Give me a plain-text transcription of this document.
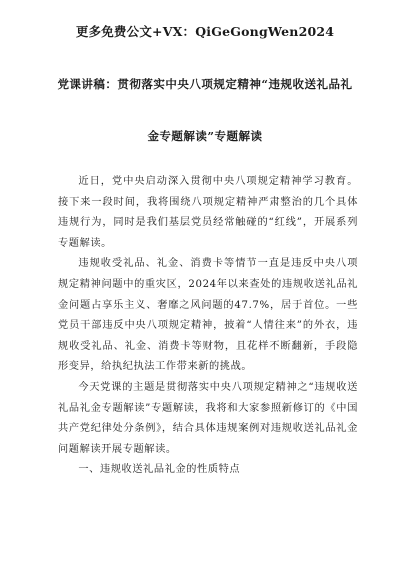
更多免费公文+VX：QiGeGongWen2024
党课讲稿：贯彻落实中央八项规定精神“违规收送礼品礼
金专题解读”专题解读

近日，党中央启动深入贯彻中央八项规定精神学习教育。接下来一段时间，我将围绕八项规定精神严肃整治的几个具体违规行为，同时是我们基层党员经常触碰的“红线”，开展系列专题解读。

违规收受礼品、礼金、消费卡等情节一直是违反中央八项规定精神问题中的重灾区，2024年以来查处的违规收送礼品礼金问题占享乐主义、奢靡之风问题的47.7%，居于首位。一些党员干部违反中央八项规定精神，披着“人情往来”的外衣，违规收受礼品、礼金、消费卡等财物，且花样不断翻新，手段隐形变异，给执纪执法工作带来新的挑战。

今天党课的主题是贯彻落实中央八项规定精神之“违规收送礼品礼金专题解读”专题解读，我将和大家参照新修订的《中国共产党纪律处分条例》，结合具体违规案例对违规收送礼品礼金问题解读开展专题解读。

一、违规收送礼品礼金的性质特点
